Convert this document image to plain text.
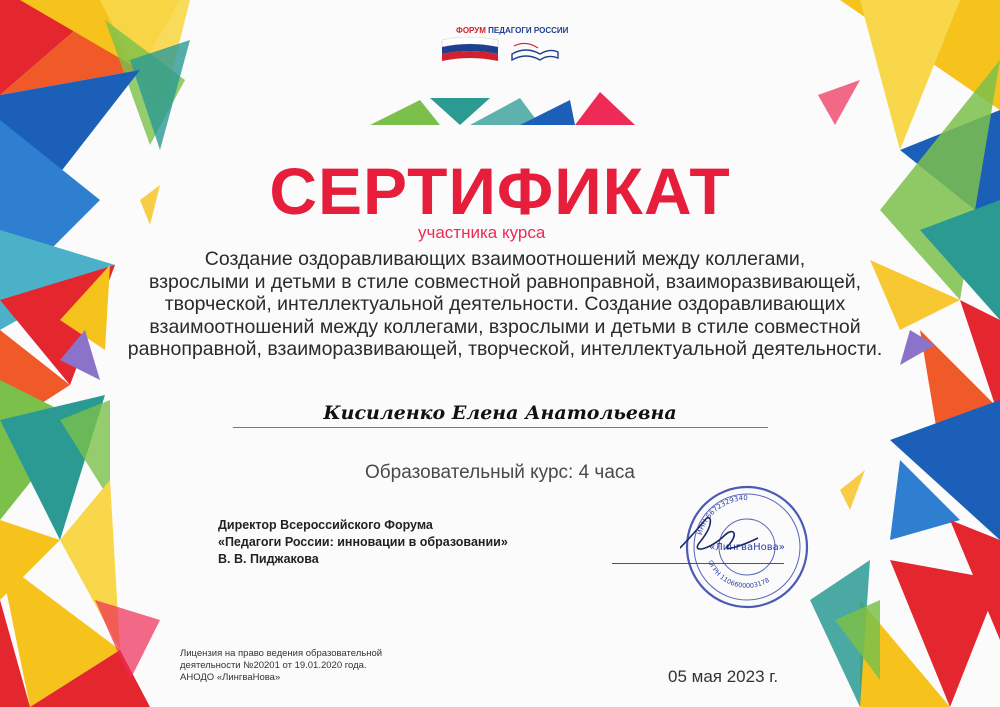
ФОРУМ ПЕДАГОГИ РОССИИ
СЕРТИФИКАТ
участника курса
Создание оздоравливающих взаимоотношений между коллегами,
взрослыми и детьми в стиле совместной равноправной, взаиморазвивающей,
творческой, интеллектуальной деятельности. Создание оздоравливающих
взаимоотношений между коллегами, взрослыми и детьми в стиле совместной
равноправной, взаиморазвивающей, творческой, интеллектуальной деятельности.
Кисиленко Елена Анатольевна
Образовательный курс: 4 часа
Директор Всероссийского Форума
«Педагоги России: инновации в образовании»
В. В. Пиджакова
ИНН 6672329340
ОГРН 1106600003178
«ЛингваНова»
Лицензия на право ведения образовательной
деятельности №20201 от 19.01.2020 года.
АНОДО «ЛингваНова»	05 мая 2023 г.
